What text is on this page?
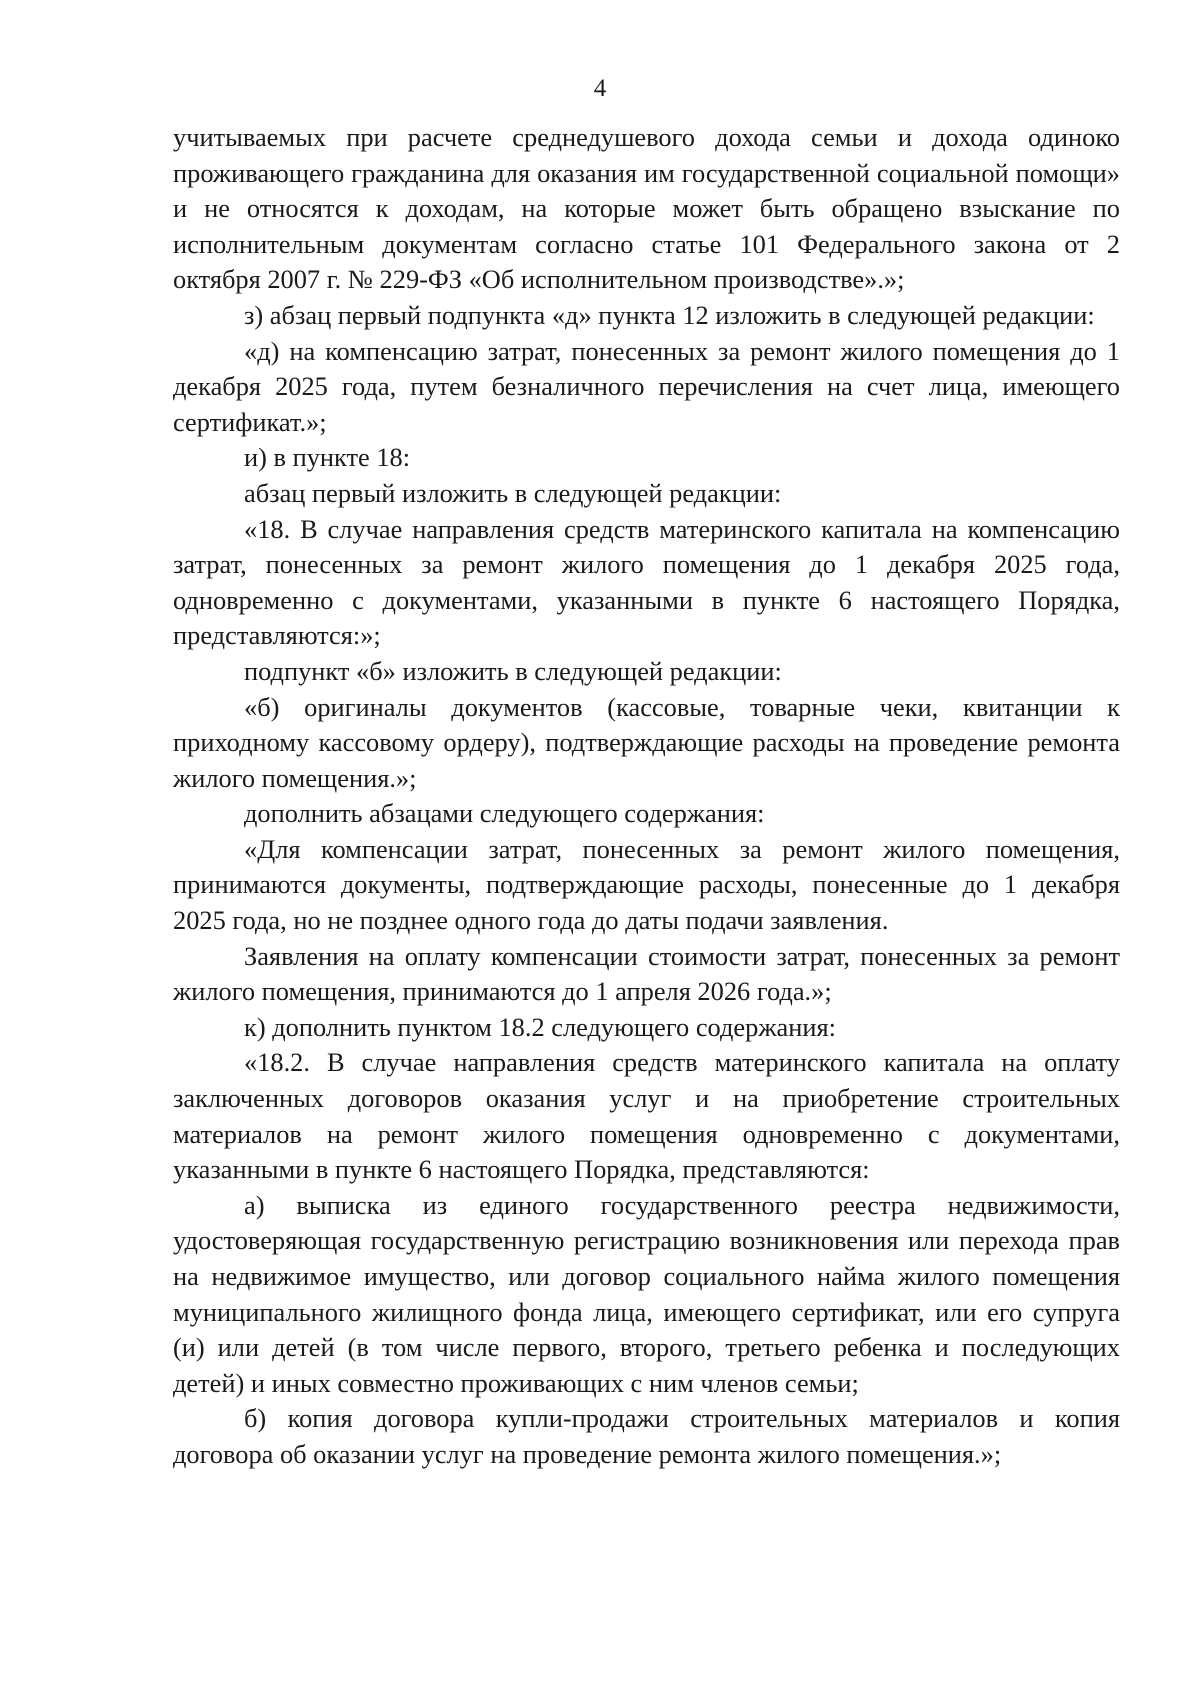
4

учитываемых при расчете среднедушевого дохода семьи и дохода одиноко проживающего гражданина для оказания им государственной социальной помощи» и не относятся к доходам, на которые может быть обращено взыскание по исполнительным документам согласно статье 101 Федерального закона от 2 октября 2007 г. № 229-ФЗ «Об исполнительном производстве».»;

з) абзац первый подпункта «д» пункта 12 изложить в следующей редакции:

«д) на компенсацию затрат, понесенных за ремонт жилого помещения до 1 декабря 2025 года, путем безналичного перечисления на счет лица, имеющего сертификат.»;

и) в пункте 18:

абзац первый изложить в следующей редакции:

«18. В случае направления средств материнского капитала на компенсацию затрат, понесенных за ремонт жилого помещения до 1 декабря 2025 года, одновременно с документами, указанными в пункте 6 настоящего Порядка, представляются:»;

подпункт «б» изложить в следующей редакции:

«б) оригиналы документов (кассовые, товарные чеки, квитанции к приходному кассовому ордеру), подтверждающие расходы на проведение ремонта жилого помещения.»;

дополнить абзацами следующего содержания:

«Для компенсации затрат, понесенных за ремонт жилого помещения, принимаются документы, подтверждающие расходы, понесенные до 1 декабря 2025 года, но не позднее одного года до даты подачи заявления.

Заявления на оплату компенсации стоимости затрат, понесенных за ремонт жилого помещения, принимаются до 1 апреля 2026 года.»;

к) дополнить пунктом 18.2 следующего содержания:

«18.2. В случае направления средств материнского капитала на оплату заключенных договоров оказания услуг и на приобретение строительных материалов на ремонт жилого помещения одновременно с документами, указанными в пункте 6 настоящего Порядка, представляются:

а) выписка из единого государственного реестра недвижимости, удостоверяющая государственную регистрацию возникновения или перехода прав на недвижимое имущество, или договор социального найма жилого помещения муниципального жилищного фонда лица, имеющего сертификат, или его супруга (и) или детей (в том числе первого, второго, третьего ребенка и последующих детей) и иных совместно проживающих с ним членов семьи;

б) копия договора купли-продажи строительных материалов и копия договора об оказании услуг на проведение ремонта жилого помещения.»;
